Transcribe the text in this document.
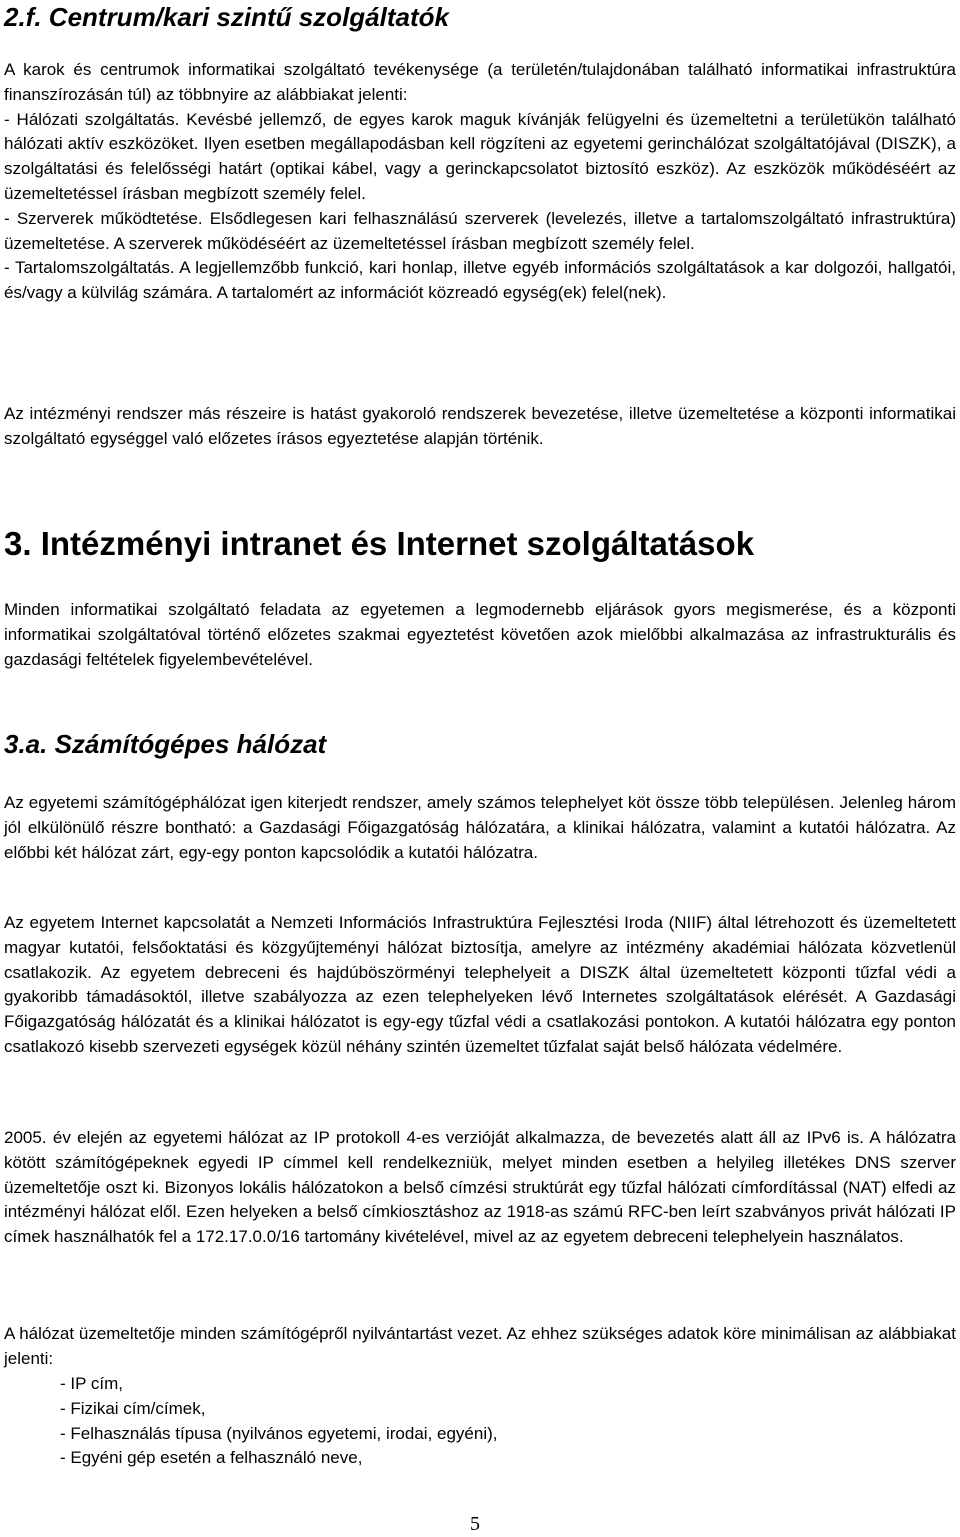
2.f. Centrum/kari szintű szolgáltatók

A karok és centrumok informatikai szolgáltató tevékenysége (a területén/tulajdonában található informatikai infrastruktúra finanszírozásán túl) az többnyire az alábbiakat jelenti:

- Hálózati szolgáltatás. Kevésbé jellemző, de egyes karok maguk kívánják felügyelni és üzemeltetni a területükön található hálózati aktív eszközöket. Ilyen esetben megállapodásban kell rögzíteni az egyetemi gerinchálózat szolgáltatójával (DISZK), a szolgáltatási és felelősségi határt (optikai kábel, vagy a gerinckapcsolatot biztosító eszköz). Az eszközök működéséért az üzemeltetéssel írásban megbízott személy felel.

- Szerverek működtetése. Elsődlegesen kari felhasználású szerverek (levelezés, illetve a tartalomszolgáltató infrastruktúra) üzemeltetése. A szerverek működéséért az üzemeltetéssel írásban megbízott személy felel.

- Tartalomszolgáltatás. A legjellemzőbb funkció, kari honlap, illetve egyéb információs szolgáltatások a kar dolgozói, hallgatói, és/vagy a külvilág számára. A tartalomért az információt közreadó egység(ek) felel(nek).

Az intézményi rendszer más részeire is hatást gyakoroló rendszerek bevezetése, illetve üzemeltetése a központi informatikai szolgáltató egységgel való előzetes írásos egyeztetése alapján történik.

3. Intézményi intranet és Internet szolgáltatások

Minden informatikai szolgáltató feladata az egyetemen a legmodernebb eljárások gyors megismerése, és a központi informatikai szolgáltatóval történő előzetes szakmai egyeztetést követően azok mielőbbi alkalmazása az infrastrukturális és gazdasági feltételek figyelembevételével.

3.a. Számítógépes hálózat

Az egyetemi számítógéphálózat igen kiterjedt rendszer, amely számos telephelyet köt össze több településen. Jelenleg három jól elkülönülő részre bontható: a Gazdasági Főigazgatóság hálózatára, a klinikai hálózatra, valamint a kutatói hálózatra. Az előbbi két hálózat zárt, egy-egy ponton kapcsolódik a kutatói hálózatra.

Az egyetem Internet kapcsolatát a Nemzeti Információs Infrastruktúra Fejlesztési Iroda (NIIF) által létrehozott és üzemeltetett magyar kutatói, felsőoktatási és közgyűjteményi hálózat biztosítja, amelyre az intézmény akadémiai hálózata közvetlenül csatlakozik. Az egyetem debreceni és hajdúböszörményi telephelyeit a DISZK által üzemeltetett központi tűzfal védi a gyakoribb támadásoktól, illetve szabályozza az ezen telephelyeken lévő Internetes szolgáltatások elérését. A Gazdasági Főigazgatóság hálózatát és a klinikai hálózatot is egy-egy tűzfal védi a csatlakozási pontokon. A kutatói hálózatra egy ponton csatlakozó kisebb szervezeti egységek közül néhány szintén üzemeltet tűzfalat saját belső hálózata védelmére.

2005. év elején az egyetemi hálózat az IP protokoll 4-es verzióját alkalmazza, de bevezetés alatt áll az IPv6 is. A hálózatra kötött számítógépeknek egyedi IP címmel kell rendelkezniük, melyet minden esetben a helyileg illetékes DNS szerver üzemeltetője oszt ki. Bizonyos lokális hálózatokon a belső címzési struktúrát egy tűzfal hálózati címfordítással (NAT) elfedi az intézményi hálózat elől. Ezen helyeken a belső címkiosztáshoz az 1918-as számú RFC-ben leírt szabványos privát hálózati IP címek használhatók fel a 172.17.0.0/16 tartomány kivételével, mivel az az egyetem debreceni telephelyein használatos.

A hálózat üzemeltetője minden számítógépről nyilvántartást vezet. Az ehhez szükséges adatok köre minimálisan az alábbiakat jelenti:

- IP cím,
- Fizikai cím/címek,
- Felhasználás típusa (nyilvános egyetemi, irodai, egyéni),
- Egyéni gép esetén a felhasználó neve,
5
